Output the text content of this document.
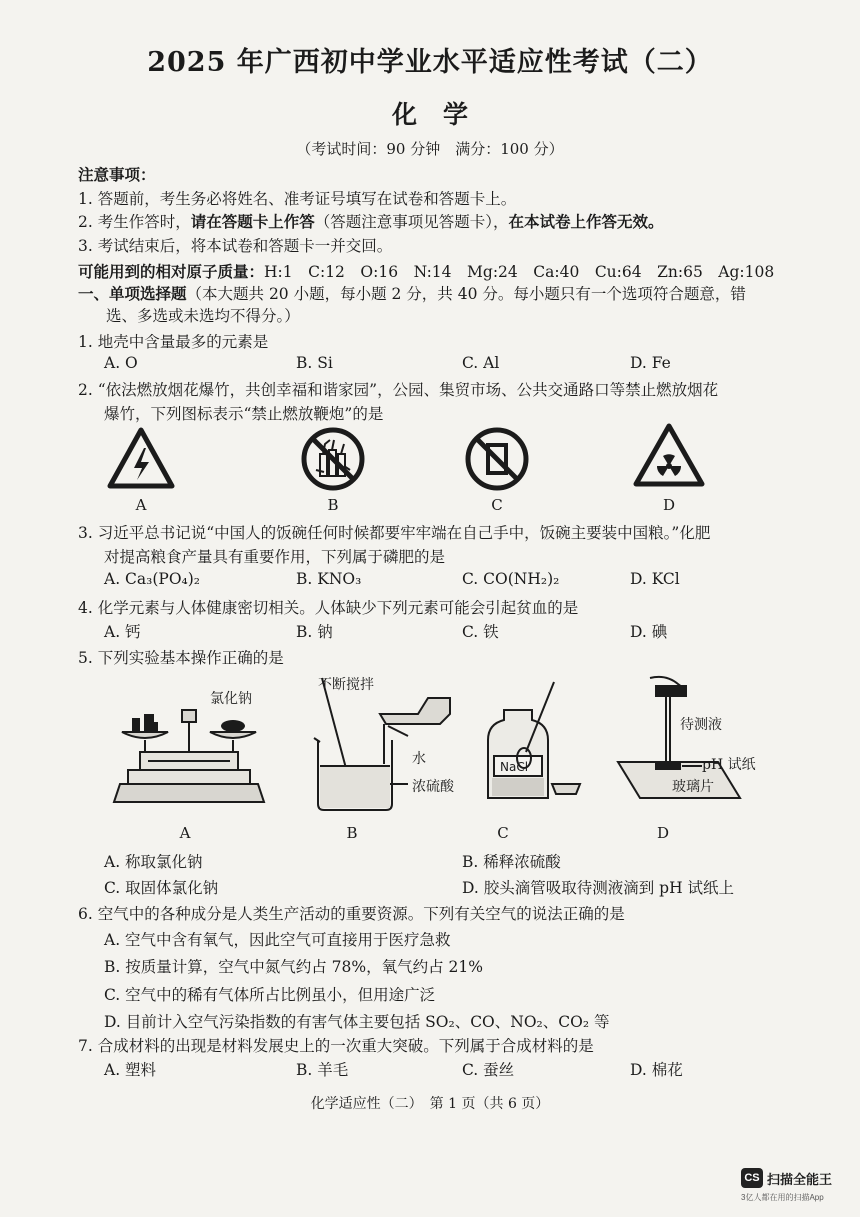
2025 年广西初中学业水平适应性考试（二）
化学
（考试时间：90 分钟　满分：100 分）
注意事项：
1. 答题前，考生务必将姓名、准考证号填写在试卷和答题卡上。
2. 考生作答时，请在答题卡上作答（答题注意事项见答题卡），在本试卷上作答无效。
3. 考试结束后，将本试卷和答题卡一并交回。
可能用到的相对原子质量：H:1　C:12　O:16　N:14　Mg:24　Ca:40　Cu:64　Zn:65　Ag:108
一、单项选择题（本大题共 20 小题，每小题 2 分，共 40 分。每小题只有一个选项符合题意，错
选、多选或未选均不得分。）
1. 地壳中含量最多的元素是
A. O	B. Si	C. Al	D. Fe
2. “依法燃放烟花爆竹，共创幸福和谐家园”，公园、集贸市场、公共交通路口等禁止燃放烟花
爆竹，下列图标表示“禁止燃放鞭炮”的是
A	B	C	D
3. 习近平总书记说“中国人的饭碗任何时候都要牢牢端在自己手中，饭碗主要装中国粮。”化肥
对提高粮食产量具有重要作用，下列属于磷肥的是
A. Ca₃(PO₄)₂	B. KNO₃	C. CO(NH₂)₂	D. KCl
4. 化学元素与人体健康密切相关。人体缺少下列元素可能会引起贫血的是
A. 钙	B. 钠	C. 铁	D. 碘
5. 下列实验基本操作正确的是
氯化钠
不断搅拌
水
浓硫酸
NaCl
待测液
pH 试纸
玻璃片
A	B	C	D
A. 称取氯化钠	B. 稀释浓硫酸
C. 取固体氯化钠	D. 胶头滴管吸取待测液滴到 pH 试纸上
6. 空气中的各种成分是人类生产活动的重要资源。下列有关空气的说法正确的是
A. 空气中含有氧气，因此空气可直接用于医疗急救
B. 按质量计算，空气中氮气约占 78%，氧气约占 21%
C. 空气中的稀有气体所占比例虽小，但用途广泛
D. 目前计入空气污染指数的有害气体主要包括 SO₂、CO、NO₂、CO₂ 等
7. 合成材料的出现是材料发展史上的一次重大突破。下列属于合成材料的是
A. 塑料	B. 羊毛	C. 蚕丝	D. 棉花
化学适应性（二）　第 1 页（共 6 页）
CS 扫描全能王
3亿人都在用的扫描App
